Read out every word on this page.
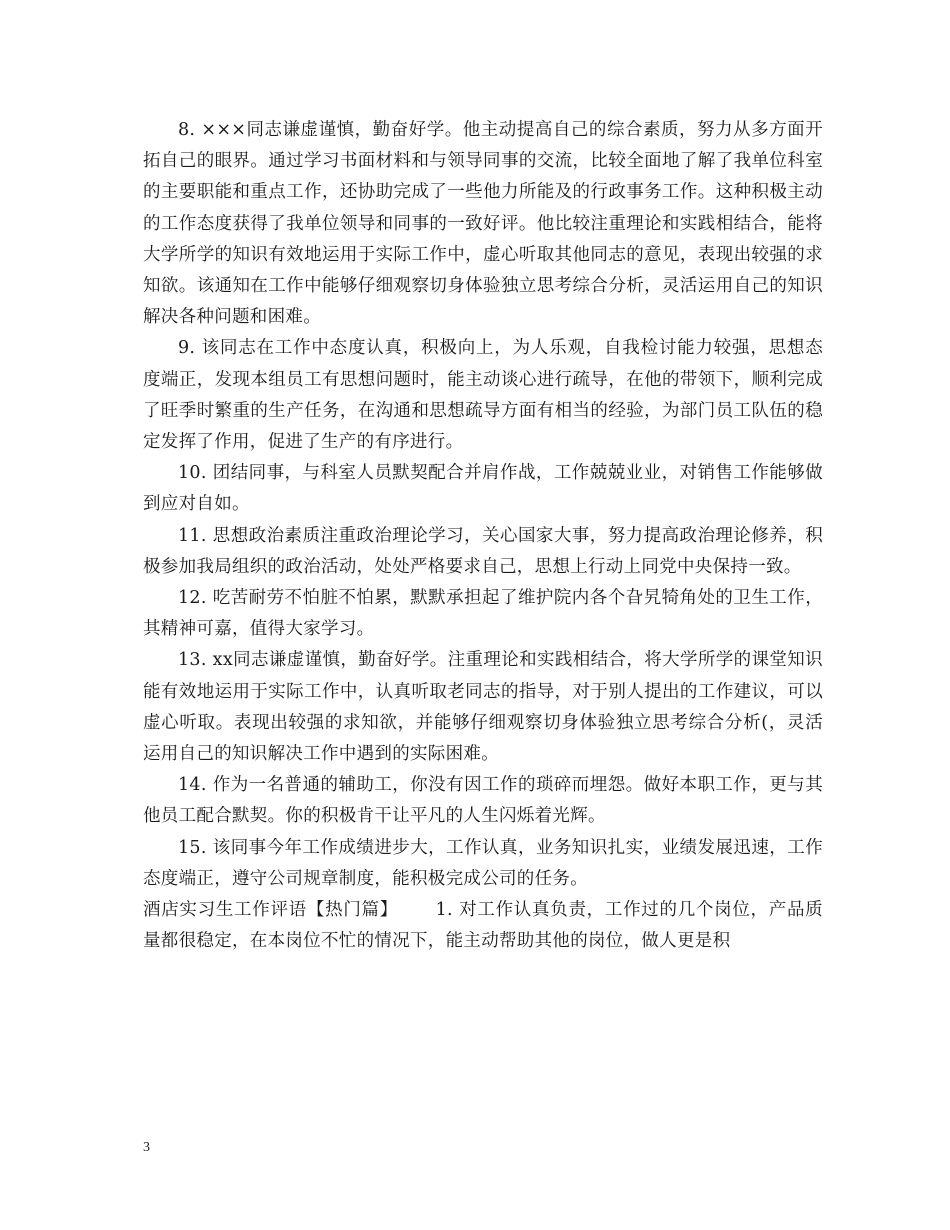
8. ×××同志谦虚谨慎，勤奋好学。他主动提高自己的综合素质，努力从多方面开拓自己的眼界。通过学习书面材料和与领导同事的交流，比较全面地了解了我单位科室的主要职能和重点工作，还协助完成了一些他力所能及的行政事务工作。这种积极主动的工作态度获得了我单位领导和同事的一致好评。他比较注重理论和实践相结合，能将大学所学的知识有效地运用于实际工作中，虚心听取其他同志的意见，表现出较强的求知欲。该通知在工作中能够仔细观察切身体验独立思考综合分析，灵活运用自己的知识解决各种问题和困难。

9. 该同志在工作中态度认真，积极向上，为人乐观，自我检讨能力较强，思想态度端正，发现本组员工有思想问题时，能主动谈心进行疏导，在他的带领下，顺利完成了旺季时繁重的生产任务，在沟通和思想疏导方面有相当的经验，为部门员工队伍的稳定发挥了作用，促进了生产的有序进行。

10. 团结同事，与科室人员默契配合并肩作战，工作兢兢业业，对销售工作能够做到应对自如。

11. 思想政治素质注重政治理论学习，关心国家大事，努力提高政治理论修养，积极参加我局组织的政治活动，处处严格要求自己，思想上行动上同党中央保持一致。

12. 吃苦耐劳不怕脏不怕累，默默承担起了维护院内各个旮旯犄角处的卫生工作，其精神可嘉，值得大家学习。

13. xx同志谦虚谨慎，勤奋好学。注重理论和实践相结合，将大学所学的课堂知识能有效地运用于实际工作中，认真听取老同志的指导，对于别人提出的工作建议，可以虚心听取。表现出较强的求知欲，并能够仔细观察切身体验独立思考综合分析(，灵活运用自己的知识解决工作中遇到的实际困难。

14. 作为一名普通的辅助工，你没有因工作的琐碎而埋怨。做好本职工作，更与其他员工配合默契。你的积极肯干让平凡的人生闪烁着光辉。

15. 该同事今年工作成绩进步大，工作认真，业务知识扎实，业绩发展迅速，工作态度端正，遵守公司规章制度，能积极完成公司的任务。

酒店实习生工作评语【热门篇】 1. 对工作认真负责，工作过的几个岗位，产品质量都很稳定，在本岗位不忙的情况下，能主动帮助其他的岗位，做人更是积

3
